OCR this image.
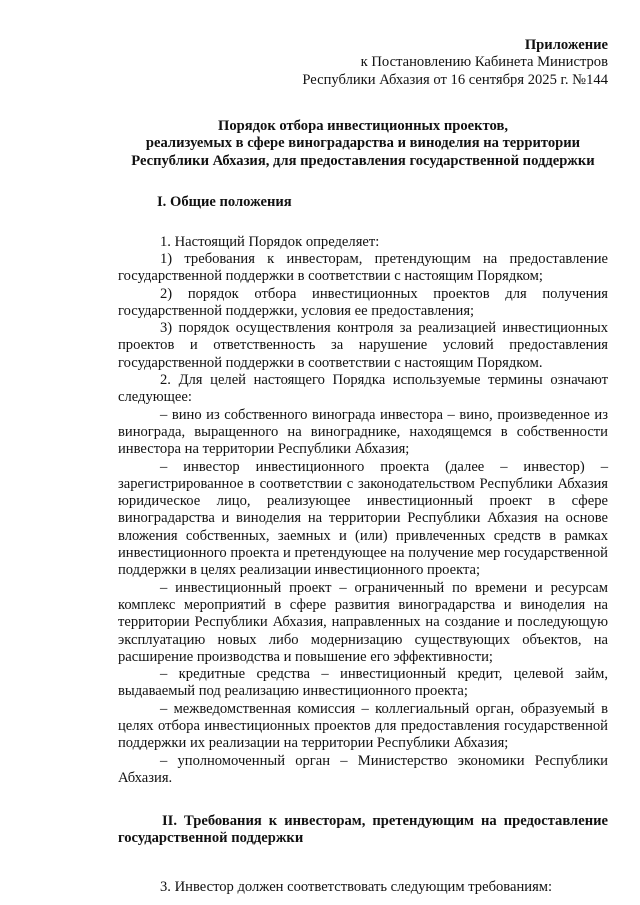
Приложение
к Постановлению Кабинета Министров
Республики Абхазия от 16 сентября 2025 г. №144
Порядок отбора инвестиционных проектов,
реализуемых в сфере виноградарства и виноделия на территории
Республики Абхазия, для предоставления государственной поддержки
I. Общие положения

1. Настоящий Порядок определяет:

1) требования к инвесторам, претендующим на предоставление государственной поддержки в соответствии с настоящим Порядком;

2) порядок отбора инвестиционных проектов для получения государственной поддержки, условия ее предоставления;

3) порядок осуществления контроля за реализацией инвестиционных проектов и ответственность за нарушение условий предоставления государственной поддержки в соответствии с настоящим Порядком.

2. Для целей настоящего Порядка используемые термины означают следующее:

– вино из собственного винограда инвестора – вино, произведенное из винограда, выращенного на винограднике, находящемся в собственности инвестора на территории Республики Абхазия;

– инвестор инвестиционного проекта (далее – инвестор) – зарегистрированное в соответствии с законодательством Республики Абхазия юридическое лицо, реализующее инвестиционный проект в сфере виноградарства и виноделия на территории Республики Абхазия на основе вложения собственных, заемных и (или) привлеченных средств в рамках инвестиционного проекта и претендующее на получение мер государственной поддержки в целях реализации инвестиционного проекта;

– инвестиционный проект – ограниченный по времени и ресурсам комплекс мероприятий в сфере развития виноградарства и виноделия на территории Республики Абхазия, направленных на создание и последующую эксплуатацию новых либо модернизацию существующих объектов, на расширение производства и повышение его эффективности;

– кредитные средства – инвестиционный кредит, целевой займ, выдаваемый под реализацию инвестиционного проекта;

– межведомственная комиссия – коллегиальный орган, образуемый в целях отбора инвестиционных проектов для предоставления государственной поддержки их реализации на территории Республики Абхазия;

– уполномоченный орган – Министерство экономики Республики Абхазия.

II. Требования к инвесторам, претендующим на предоставление
государственной поддержки

3. Инвестор должен соответствовать следующим требованиям:
